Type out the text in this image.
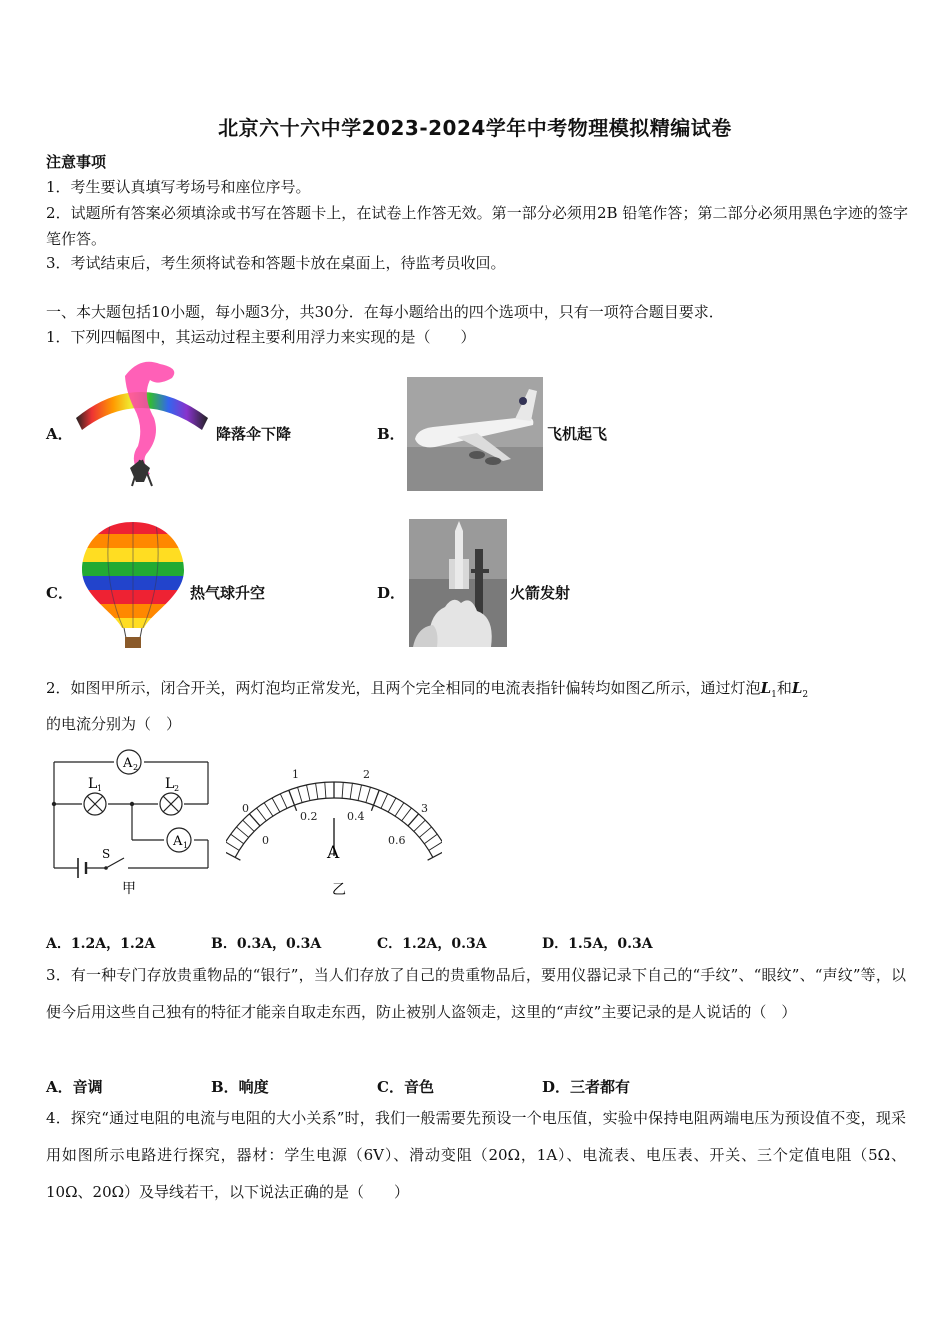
北京六十六中学2023-2024学年中考物理模拟精编试卷
注意事项
1．考生要认真填写考场号和座位序号。
2．试题所有答案必须填涂或书写在答题卡上，在试卷上作答无效。第一部分必须用2B 铅笔作答；第二部分必须用黑色字迹的签字笔作答。
3．考试结束后，考生须将试卷和答题卡放在桌面上，待监考员收回。
一、本大题包括10小题，每小题3分，共30分．在每小题给出的四个选项中，只有一项符合题目要求．
1．下列四幅图中，其运动过程主要利用浮力来实现的是（　　）
A．	降落伞下降	B．	飞机起飞
C．	热气球升空	D．	火箭发射
2．如图甲所示，闭合开关，两灯泡均正常发光，且两个完全相同的电流表指针偏转均如图乙所示，通过灯泡$L_1$和$L_2$
的电流分别为（　）
A 2
A 1
L 1	L 2
S
甲
0
1	2
3
0
0.2	0.4
0.6
A
乙
A．1.2A，1.2A	B．0.3A，0.3A	C．1.2A，0.3A	D．1.5A，0.3A
3．有一种专门存放贵重物品的“银行”，当人们存放了自己的贵重物品后，要用仪器记录下自己的“手纹”、“眼纹”、“声纹”等，以便今后用这些自己独有的特征才能亲自取走东西，防止被别人盗领走，这里的“声纹”主要记录的是人说话的（　）
A．音调	B．响度	C．音色	D．三者都有
4．探究“通过电阻的电流与电阻的大小关系”时，我们一般需要先预设一个电压值，实验中保持电阻两端电压为预设值不变，现采用如图所示电路进行探究，器材：学生电源（6V）、滑动变阻（20Ω，1A）、电流表、电压表、开关、三个定值电阻（5Ω、10Ω、20Ω）及导线若干，以下说法正确的是（　　）
